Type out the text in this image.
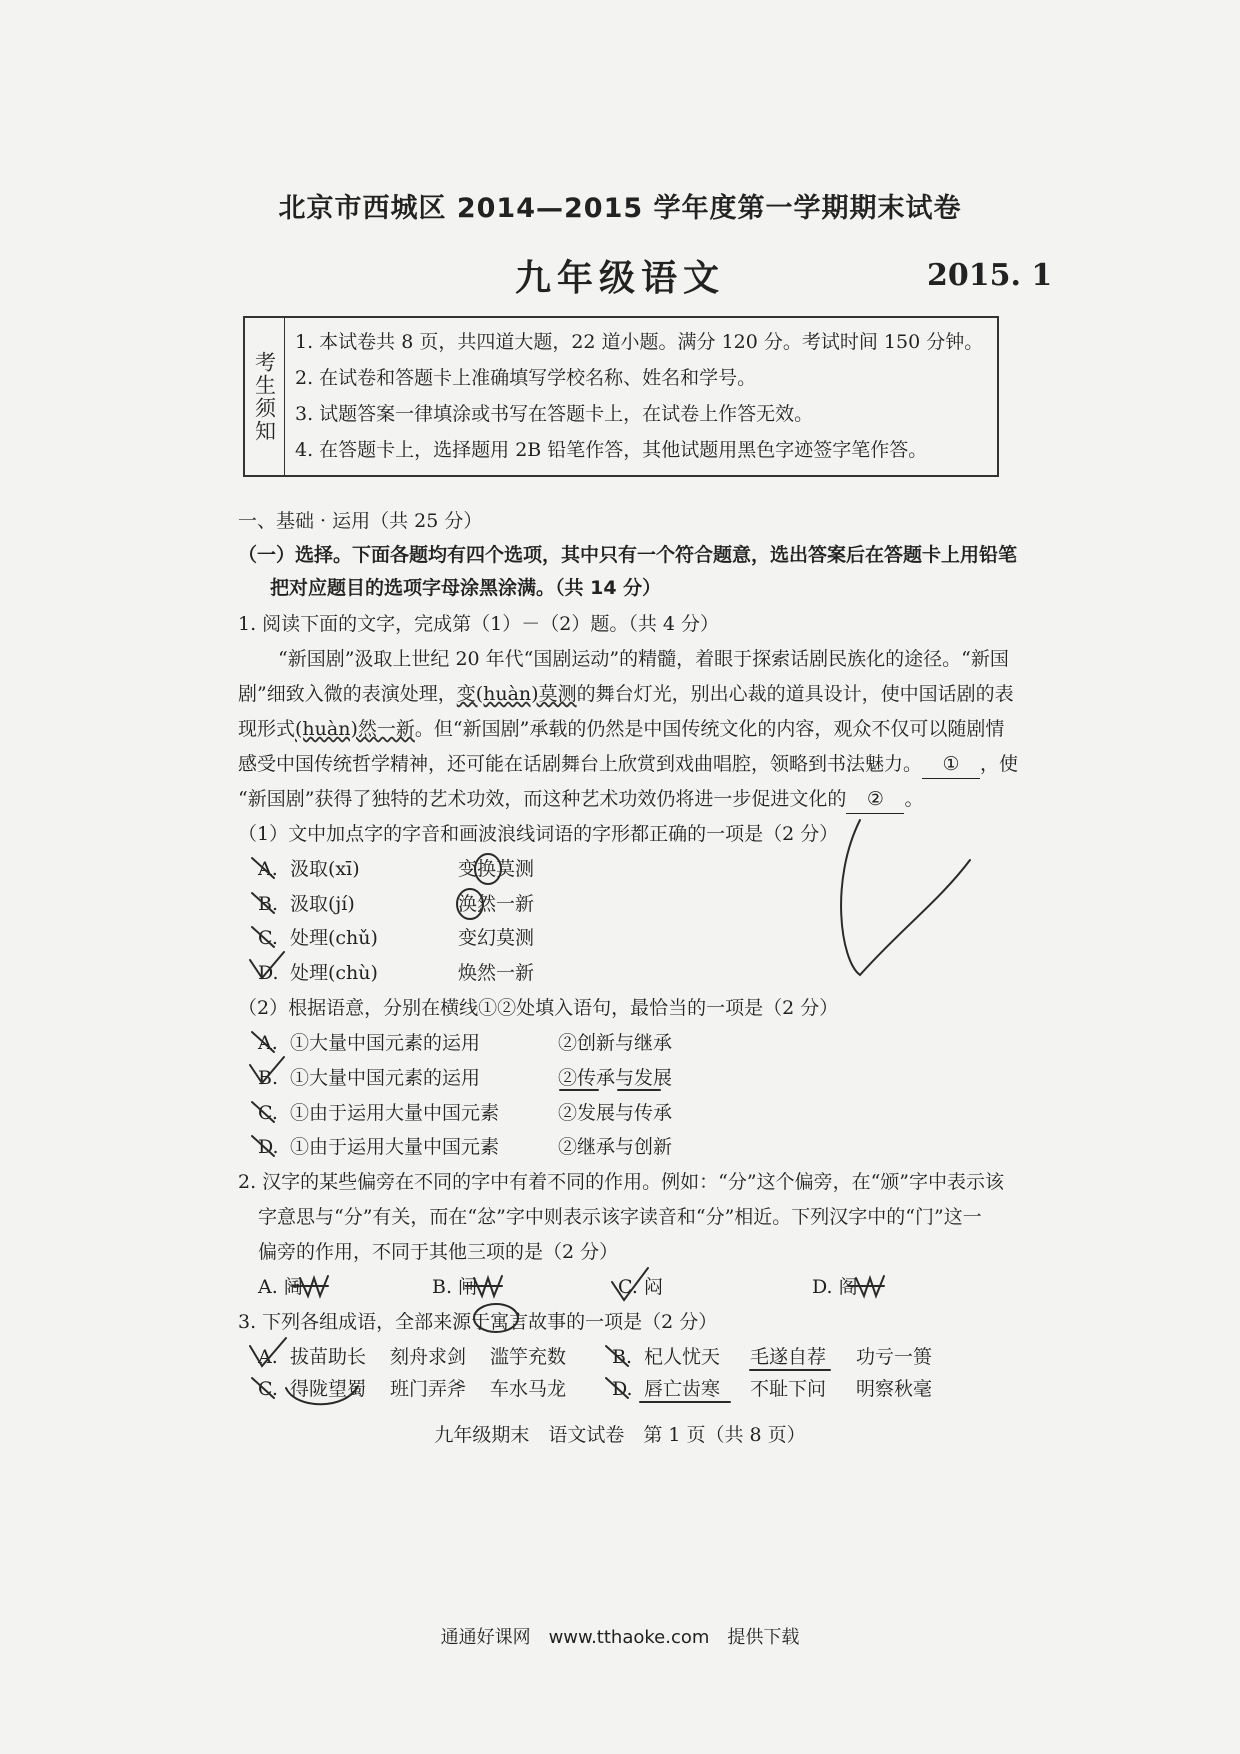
北京市西城区 2014—2015 学年度第一学期期末试卷
九年级语文	2015. 1
考生须知
1. 本试卷共 8 页，共四道大题，22 道小题。满分 120 分。考试时间 150 分钟。
2. 在试卷和答题卡上准确填写学校名称、姓名和学号。
3. 试题答案一律填涂或书写在答题卡上，在试卷上作答无效。
4. 在答题卡上，选择题用 2B 铅笔作答，其他试题用黑色字迹签字笔作答。
一、基础 · 运用（共 25 分）
（一）选择。下面各题均有四个选项，其中只有一个符合题意，选出答案后在答题卡上用铅笔
把对应题目的选项字母涂黑涂满。（共 14 分）
1. 阅读下面的文字，完成第（1）－（2）题。（共 4 分）
“新国剧”汲取上世纪 20 年代“国剧运动”的精髓，着眼于探索话剧民族化的途径。“新国
剧”细致入微的表演处理，变(huàn)莫测的舞台灯光，别出心裁的道具设计，使中国话剧的表
现形式(huàn)然一新。但“新国剧”承载的仍然是中国传统文化的内容，观众不仅可以随剧情
感受中国传统哲学精神，还可能在话剧舞台上欣赏到戏曲唱腔，领略到书法魅力。 ① ，使
“新国剧”获得了独特的艺术功效，而这种艺术功效仍将进一步促进文化的 ② 。
（1）文中加点字的字音和画波浪线词语的字形都正确的一项是（2 分）
A. 汲取(xī)	变换莫测
B. 汲取(jí)	涣然一新
C. 处理(chǔ)	变幻莫测
D. 处理(chù)	焕然一新
（2）根据语意，分别在横线①②处填入语句，最恰当的一项是（2 分）
A. ①大量中国元素的运用	②创新与继承
B. ①大量中国元素的运用	②传承与发展
C. ①由于运用大量中国元素	②发展与传承
D. ①由于运用大量中国元素	②继承与创新
2. 汉字的某些偏旁在不同的字中有着不同的作用。例如：“分”这个偏旁，在“颁”字中表示该
字意思与“分”有关，而在“忿”字中则表示该字读音和“分”相近。下列汉字中的“门”这一
偏旁的作用，不同于其他三项的是（2 分）
A. 阔	B. 闸	C. 闷	D. 阁
3. 下列各组成语，全部来源于寓言故事的一项是（2 分）
A. 拔苗助长 刻舟求剑 滥竽充数 B. 杞人忧天 毛遂自荐 功亏一篑
C. 得陇望蜀 班门弄斧 车水马龙 D. 唇亡齿寒 不耻下问 明察秋毫
九年级期末　语文试卷　第 1 页（共 8 页）
通通好课网　www.tthaoke.com　提供下载
